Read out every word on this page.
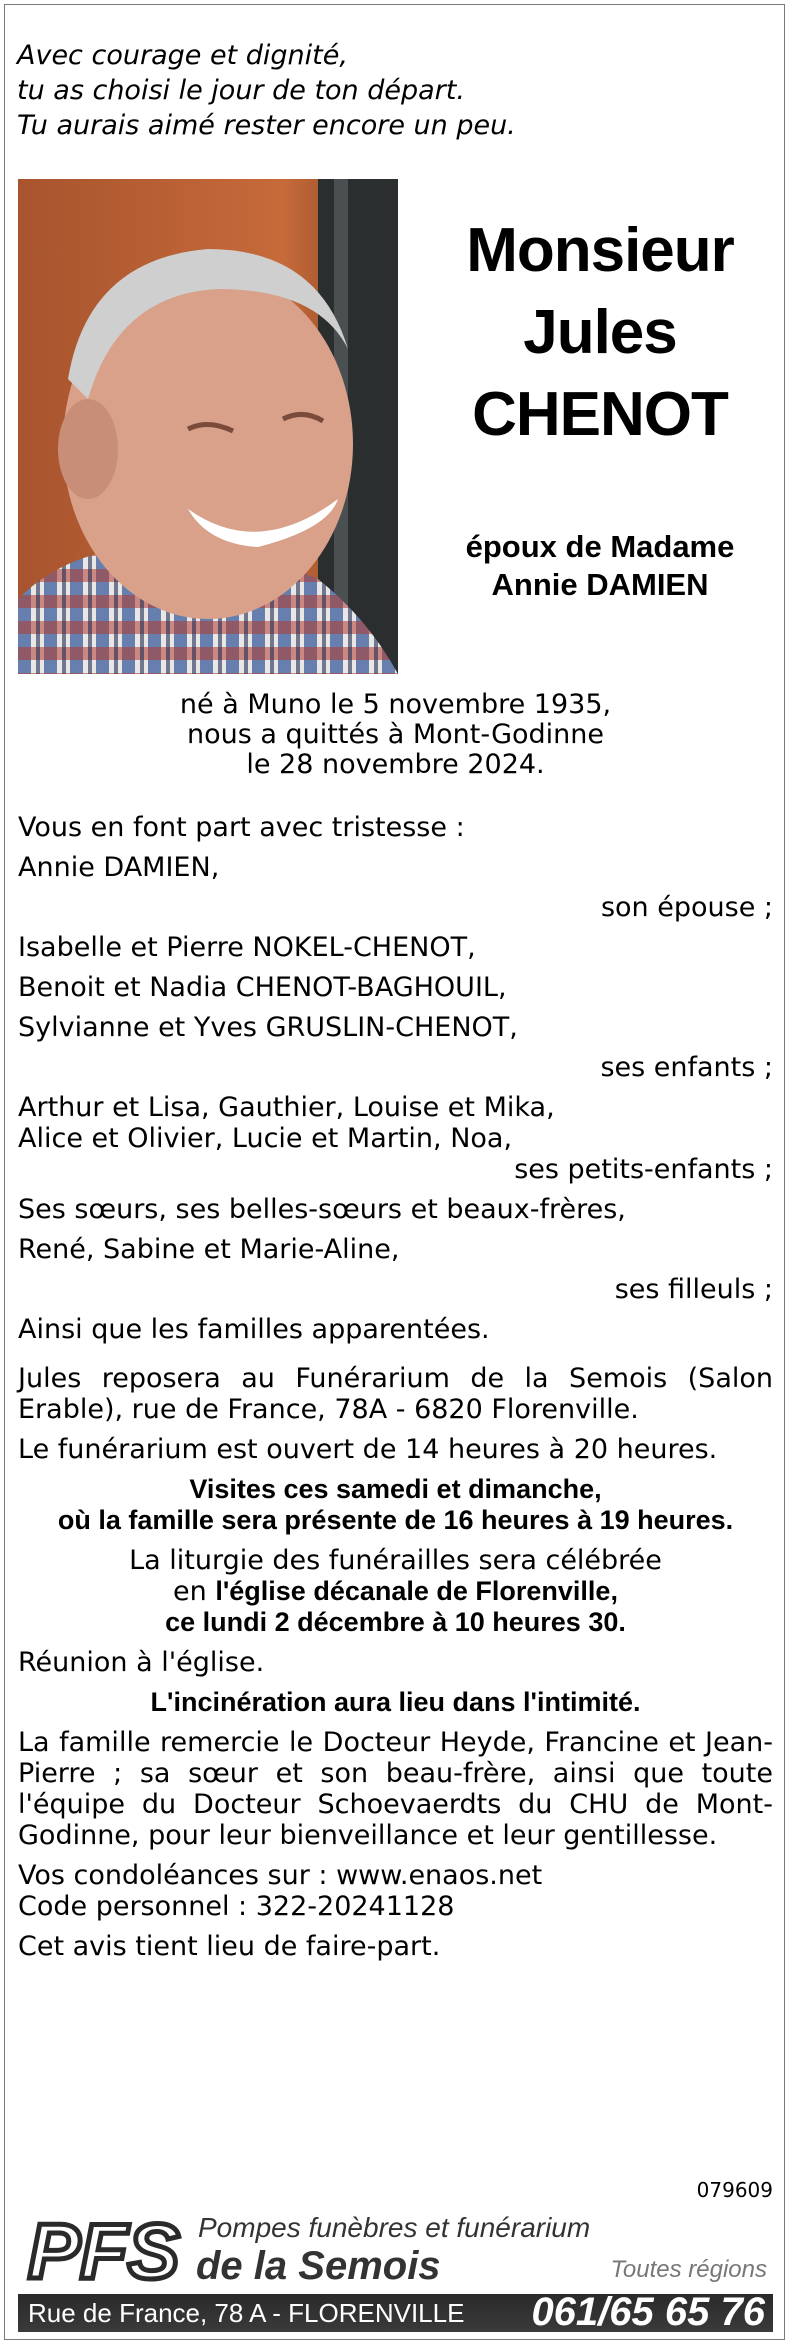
Avec courage et dignité,
tu as choisi le jour de ton départ.
Tu aurais aimé rester encore un peu.
Monsieur
Jules
CHENOT
époux de Madame
Annie DAMIEN
né à Muno le 5 novembre 1935,
nous a quittés à Mont-Godinne
le 28 novembre 2024.
Vous en font part avec tristesse :
Annie DAMIEN,
son épouse ;
Isabelle et Pierre NOKEL-CHENOT,
Benoit et Nadia CHENOT-BAGHOUIL,
Sylvianne et Yves GRUSLIN-CHENOT,
ses enfants ;
Arthur et Lisa, Gauthier, Louise et Mika,
Alice et Olivier, Lucie et Martin, Noa,
ses petits-enfants ;
Ses sœurs, ses belles-sœurs et beaux-frères,
René, Sabine et Marie-Aline,
ses filleuls ;
Ainsi que les familles apparentées.
Jules reposera au Funérarium de la Semois (Salon Erable), rue de France, 78A - 6820 Florenville.
Le funérarium est ouvert de 14 heures à 20 heures.
Visites ces samedi et dimanche,
où la famille sera présente de 16 heures à 19 heures.
La liturgie des funérailles sera célébrée
en l'église décanale de Florenville,
ce lundi 2 décembre à 10 heures 30.
Réunion à l'église.
L'incinération aura lieu dans l'intimité.
La famille remercie le Docteur Heyde, Francine et Jean-Pierre ; sa sœur et son beau-frère, ainsi que toute l'équipe du Docteur Schoevaerdts du CHU de Mont-Godinne, pour leur bienveillance et leur gentillesse.
Vos condoléances sur : www.enaos.net
Code personnel : 322-20241128
Cet avis tient lieu de faire-part.
079609
PFS Pompes funèbres et funérarium
de la Semois	Toutes régions
Rue de France, 78 A - FLORENVILLE 061/65 65 76
